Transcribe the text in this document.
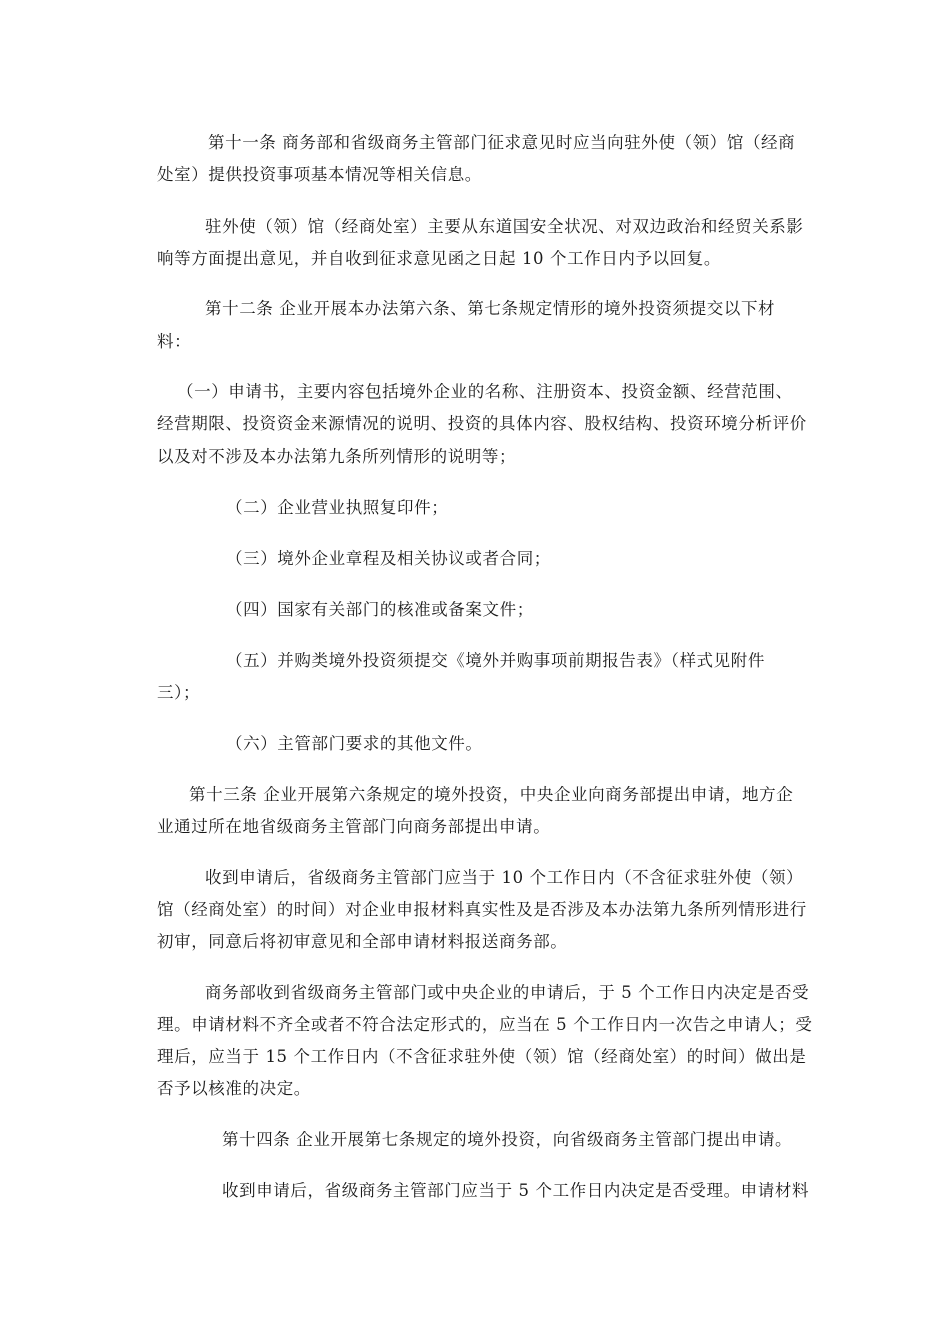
第十一条 商务部和省级商务主管部门征求意见时应当向驻外使（领）馆（经商
处室）提供投资事项基本情况等相关信息。
驻外使（领）馆（经商处室）主要从东道国安全状况、对双边政治和经贸关系影
响等方面提出意见，并自收到征求意见函之日起 10 个工作日内予以回复。
第十二条 企业开展本办法第六条、第七条规定情形的境外投资须提交以下材
料：
（一）申请书，主要内容包括境外企业的名称、注册资本、投资金额、经营范围、
经营期限、投资资金来源情况的说明、投资的具体内容、股权结构、投资环境分析评价
以及对不涉及本办法第九条所列情形的说明等；
（二）企业营业执照复印件；
（三）境外企业章程及相关协议或者合同；
（四）国家有关部门的核准或备案文件；
（五）并购类境外投资须提交《境外并购事项前期报告表》（样式见附件
三）；
（六）主管部门要求的其他文件。
第十三条 企业开展第六条规定的境外投资，中央企业向商务部提出申请，地方企
业通过所在地省级商务主管部门向商务部提出申请。
收到申请后，省级商务主管部门应当于 10 个工作日内（不含征求驻外使（领）
馆（经商处室）的时间）对企业申报材料真实性及是否涉及本办法第九条所列情形进行
初审，同意后将初审意见和全部申请材料报送商务部。
商务部收到省级商务主管部门或中央企业的申请后，于 5 个工作日内决定是否受
理。申请材料不齐全或者不符合法定形式的，应当在 5 个工作日内一次告之申请人；受
理后，应当于 15 个工作日内（不含征求驻外使（领）馆（经商处室）的时间）做出是
否予以核准的决定。
第十四条 企业开展第七条规定的境外投资，向省级商务主管部门提出申请。
收到申请后，省级商务主管部门应当于 5 个工作日内决定是否受理。申请材料
